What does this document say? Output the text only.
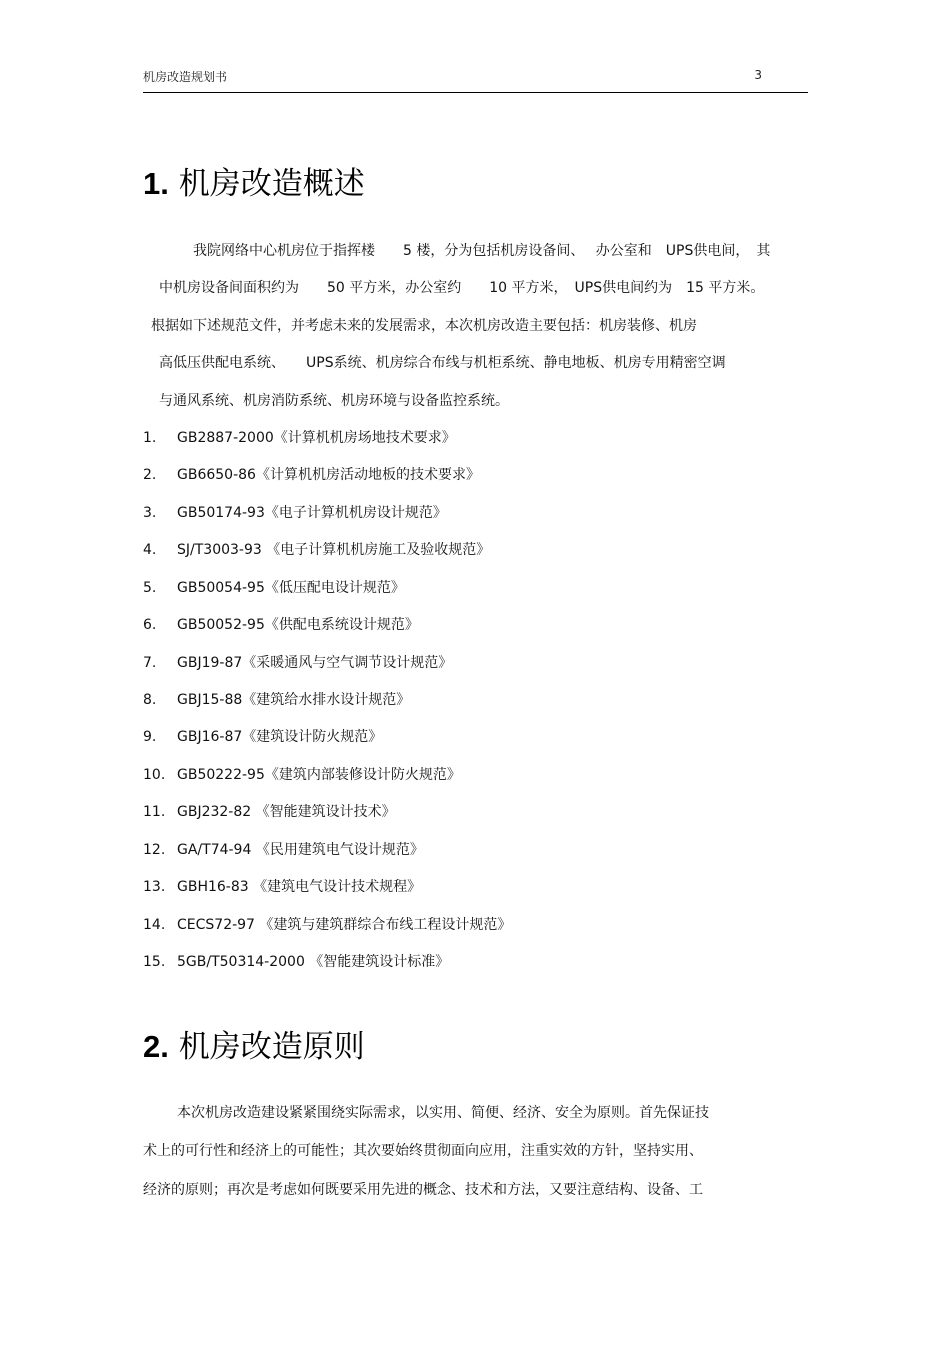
机房改造规划书	3
1. 机房改造概述
我院网络中心机房位于指挥楼　　5 楼，分为包括机房设备间、　 办公室和　UPS供电间，　其
中机房设备间面积约为　　50 平方米，办公室约　　10 平方米，　UPS供电间约为　15 平方米。
根据如下述规范文件，并考虑未来的发展需求，本次机房改造主要包括：机房装修、机房
高低压供配电系统、　　UPS系统、机房综合布线与机柜系统、静电地板、机房专用精密空调
与通风系统、机房消防系统、机房环境与设备监控系统。
1. GB2887-2000《计算机机房场地技术要求》
2. GB6650-86《计算机机房活动地板的技术要求》
3. GB50174-93《电子计算机机房设计规范》
4. SJ/T3003-93 《电子计算机机房施工及验收规范》
5. GB50054-95《低压配电设计规范》
6. GB50052-95《供配电系统设计规范》
7. GBJ19-87《采暖通风与空气调节设计规范》
8. GBJ15-88《建筑给水排水设计规范》
9. GBJ16-87《建筑设计防火规范》
10. GB50222-95《建筑内部装修设计防火规范》
11. GBJ232-82 《智能建筑设计技术》
12. GA/T74-94 《民用建筑电气设计规范》
13. GBH16-83 《建筑电气设计技术规程》
14. CECS72-97 《建筑与建筑群综合布线工程设计规范》
15. 5GB/T50314-2000 《智能建筑设计标准》
2. 机房改造原则
本次机房改造建设紧紧围绕实际需求，以实用、简便、经济、安全为原则。首先保证技
术上的可行性和经济上的可能性；其次要始终贯彻面向应用，注重实效的方针，坚持实用、
经济的原则；再次是考虑如何既要采用先进的概念、技术和方法，又要注意结构、设备、工
